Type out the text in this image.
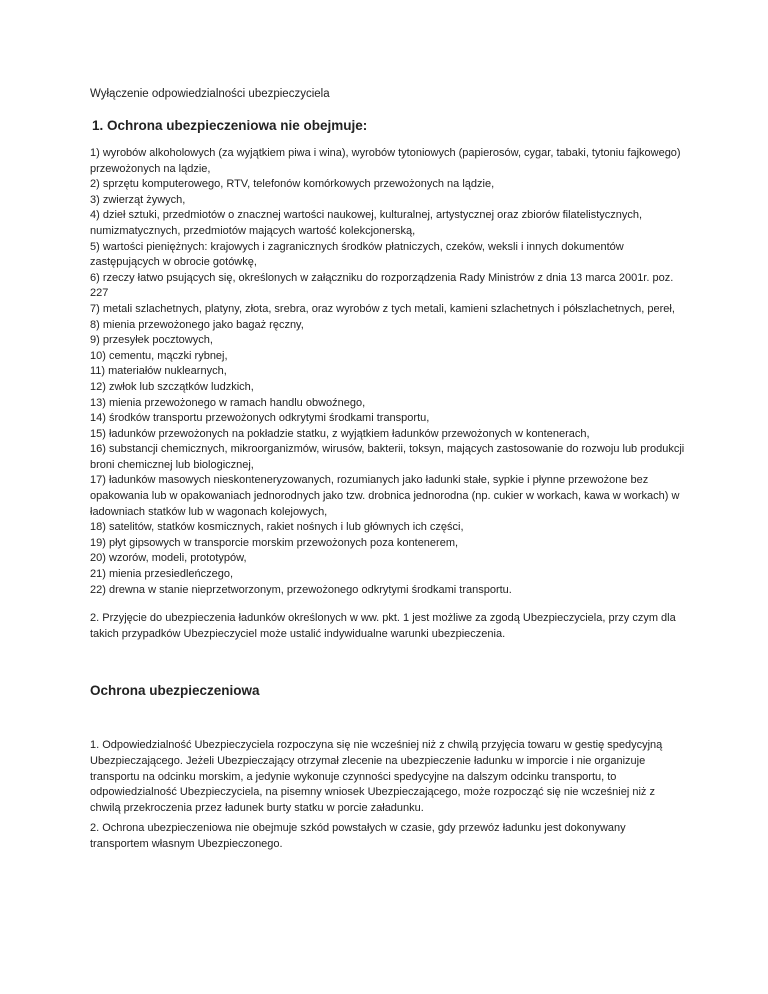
Wyłączenie odpowiedzialności ubezpieczyciela
1. Ochrona ubezpieczeniowa nie obejmuje:
1) wyrobów alkoholowych (za wyjątkiem piwa i wina), wyrobów tytoniowych (papierosów, cygar, tabaki, tytoniu fajkowego) przewożonych na lądzie,
2) sprzętu komputerowego, RTV, telefonów komórkowych przewożonych na lądzie,
3) zwierząt żywych,
4) dzieł sztuki, przedmiotów o znacznej wartości naukowej, kulturalnej, artystycznej oraz zbiorów filatelistycznych, numizmatycznych, przedmiotów mających wartość kolekcjonerską,
5) wartości pieniężnych: krajowych i zagranicznych środków płatniczych, czeków, weksli i innych dokumentów zastępujących w obrocie gotówkę,
6) rzeczy łatwo psujących się, określonych w załączniku do rozporządzenia Rady Ministrów z dnia 13 marca 2001r. poz. 227
7) metali szlachetnych, platyny, złota, srebra, oraz wyrobów z tych metali, kamieni szlachetnych i półszlachetnych, pereł,
8) mienia przewożonego jako bagaż ręczny,
9) przesyłek pocztowych,
10) cementu, mączki rybnej,
11) materiałów nuklearnych,
12) zwłok lub szczątków ludzkich,
13) mienia przewożonego w ramach handlu obwoźnego,
14) środków transportu przewożonych odkrytymi środkami transportu,
15) ładunków przewożonych na pokładzie statku, z wyjątkiem ładunków przewożonych w kontenerach,
16) substancji chemicznych, mikroorganizmów, wirusów, bakterii, toksyn, mających zastosowanie do rozwoju lub produkcji broni chemicznej lub biologicznej,
17) ładunków masowych nieskonteneryzowanych, rozumianych jako ładunki stałe, sypkie i płynne przewożone bez opakowania lub w opakowaniach jednorodnych jako tzw. drobnica jednorodna (np. cukier w workach, kawa w workach) w ładowniach statków lub w wagonach kolejowych,
18) satelitów, statków kosmicznych, rakiet nośnych i lub głównych ich części,
19) płyt gipsowych w transporcie morskim przewożonych poza kontenerem,
20) wzorów, modeli, prototypów,
21) mienia przesiedleńczego,
22) drewna w stanie nieprzetworzonym, przewożonego odkrytymi środkami transportu.

2. Przyjęcie do ubezpieczenia ładunków określonych w ww. pkt. 1 jest możliwe za zgodą Ubezpieczyciela, przy czym dla takich przypadków Ubezpieczyciel może ustalić indywidualne warunki ubezpieczenia.

Ochrona ubezpieczeniowa

1. Odpowiedzialność Ubezpieczyciela rozpoczyna się nie wcześniej niż z chwilą przyjęcia towaru w gestię spedycyjną Ubezpieczającego. Jeżeli Ubezpieczający otrzymał zlecenie na ubezpieczenie ładunku w imporcie i nie organizuje transportu na odcinku morskim, a jedynie wykonuje czynności spedycyjne na dalszym odcinku transportu, to odpowiedzialność Ubezpieczyciela, na pisemny wniosek Ubezpieczającego, może rozpocząć się nie wcześniej niż z chwilą przekroczenia przez ładunek burty statku w porcie załadunku.

2. Ochrona ubezpieczeniowa nie obejmuje szkód powstałych w czasie, gdy przewóz ładunku jest dokonywany transportem własnym Ubezpieczonego.
